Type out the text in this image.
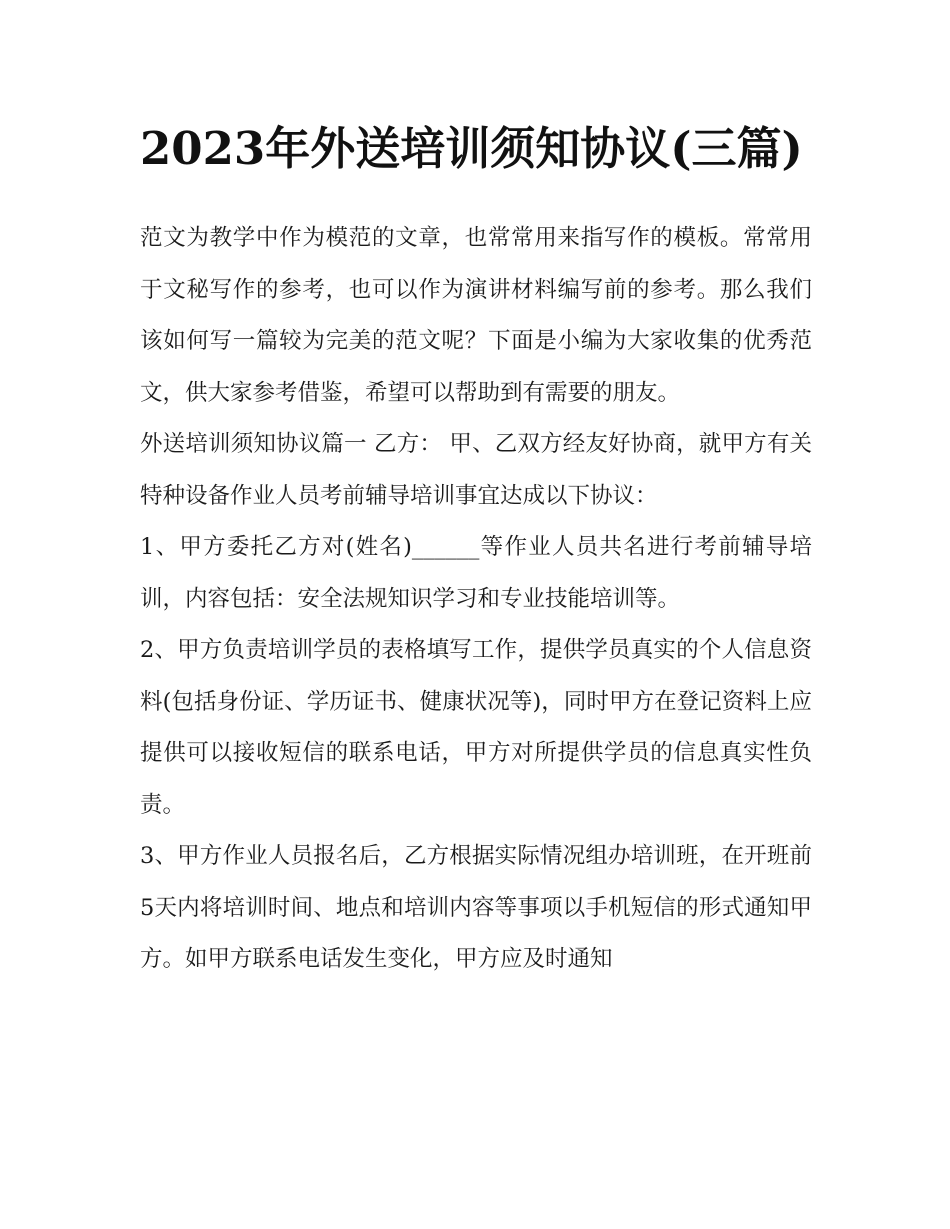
2023年外送培训须知协议(三篇)

范文为教学中作为模范的文章，也常常用来指写作的模板。常常用于文秘写作的参考，也可以作为演讲材料编写前的参考。那么我们该如何写一篇较为完美的范文呢？下面是小编为大家收集的优秀范文，供大家参考借鉴，希望可以帮助到有需要的朋友。

外送培训须知协议篇一 乙方： 甲、乙双方经友好协商，就甲方有关特种设备作业人员考前辅导培训事宜达成以下协议：

1、甲方委托乙方对(姓名)______等作业人员共名进行考前辅导培训，内容包括：安全法规知识学习和专业技能培训等。

2、甲方负责培训学员的表格填写工作，提供学员真实的个人信息资料(包括身份证、学历证书、健康状况等)，同时甲方在登记资料上应提供可以接收短信的联系电话，甲方对所提供学员的信息真实性负责。

3、甲方作业人员报名后，乙方根据实际情况组办培训班，在开班前5天内将培训时间、地点和培训内容等事项以手机短信的形式通知甲方。如甲方联系电话发生变化，甲方应及时通知
